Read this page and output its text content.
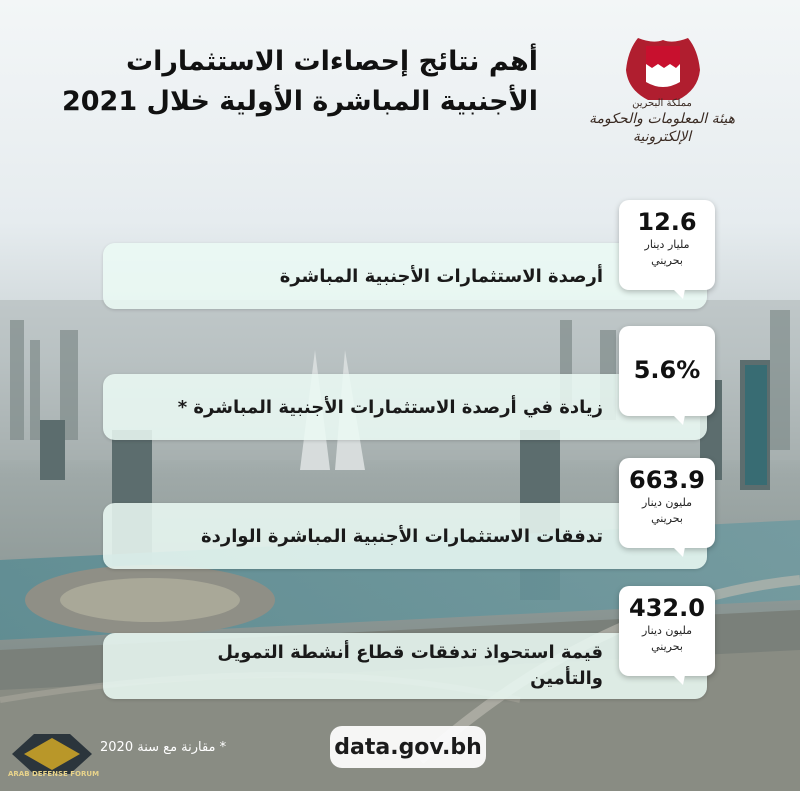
أهم نتائج إحصاءات الاستثمارات
الأجنبية المباشرة الأولية خلال 2021	مملكة البحرين
هيئة المعلومات والحكومة الإلكترونية
أرصدة الاستثمارات الأجنبية المباشرة
12.6
مليار دينار
بحريني
زيادة في أرصدة الاستثمارات الأجنبية المباشرة *
5.6%
تدفقات الاستثمارات الأجنبية المباشرة الواردة
663.9
مليون دينار
بحريني
قيمة استحواذ تدفقات قطاع أنشطة التمويل والتأمين
432.0
مليون دينار
بحريني
data.gov.bh
* مقارنة مع سنة 2020
ARAB DEFENSE FORUM
